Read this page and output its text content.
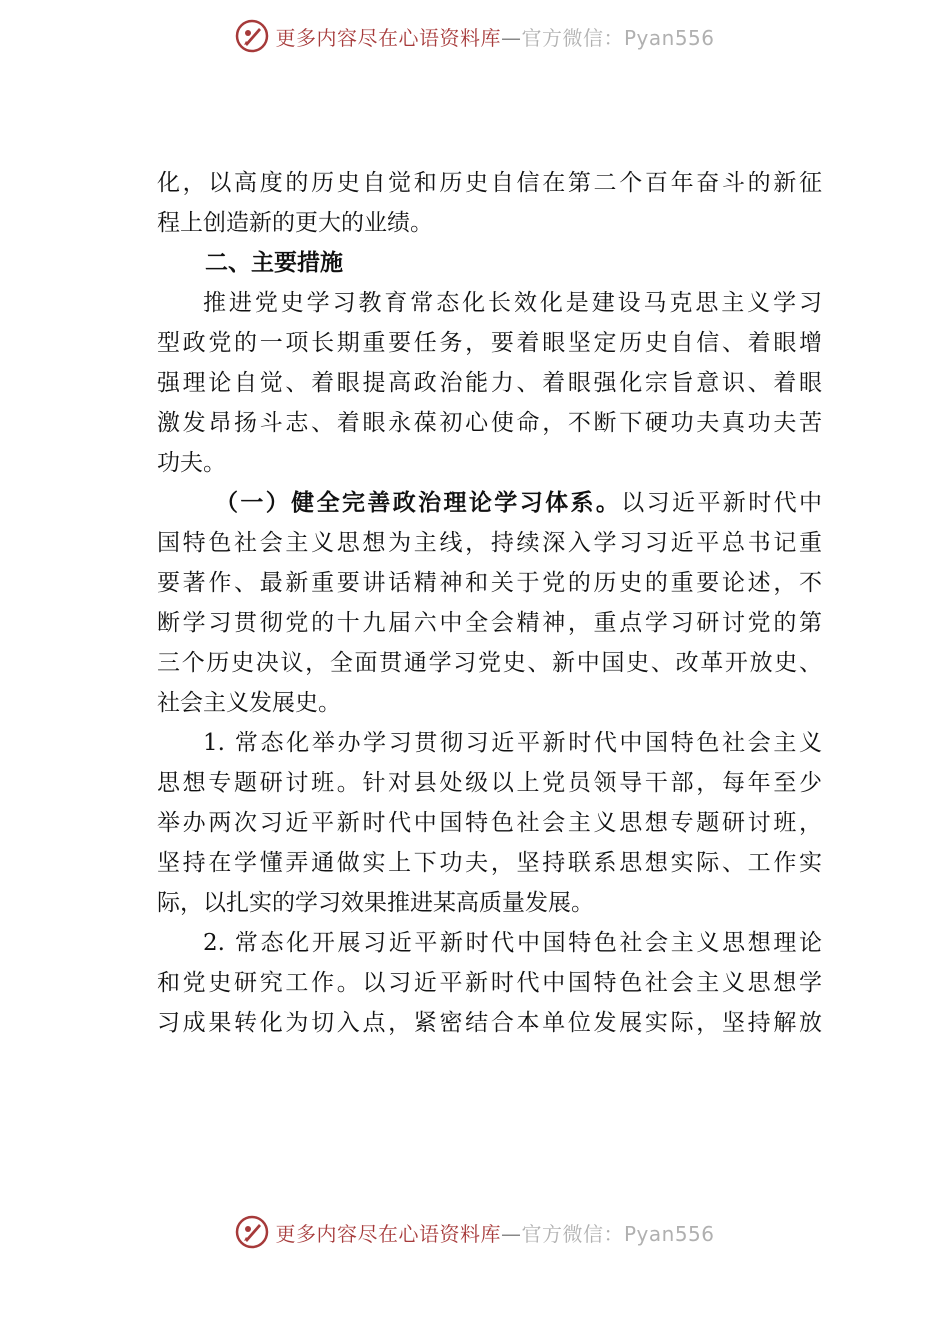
更多内容尽在心语资料库—官方微信：Pyan556
化，以高度的历史自觉和历史自信在第二个百年奋斗的新征
程上创造新的更大的业绩。
二、主要措施
推进党史学习教育常态化长效化是建设马克思主义学习
型政党的一项长期重要任务，要着眼坚定历史自信、着眼增
强理论自觉、着眼提高政治能力、着眼强化宗旨意识、着眼
激发昂扬斗志、着眼永葆初心使命，不断下硬功夫真功夫苦
功夫。
（一）健全完善政治理论学习体系。以习近平新时代中
国特色社会主义思想为主线，持续深入学习习近平总书记重
要著作、最新重要讲话精神和关于党的历史的重要论述，不
断学习贯彻党的十九届六中全会精神，重点学习研讨党的第
三个历史决议，全面贯通学习党史、新中国史、改革开放史、
社会主义发展史。
1. 常态化举办学习贯彻习近平新时代中国特色社会主义
思想专题研讨班。针对县处级以上党员领导干部，每年至少
举办两次习近平新时代中国特色社会主义思想专题研讨班，
坚持在学懂弄通做实上下功夫，坚持联系思想实际、工作实
际，以扎实的学习效果推进某高质量发展。
2. 常态化开展习近平新时代中国特色社会主义思想理论
和党史研究工作。以习近平新时代中国特色社会主义思想学
习成果转化为切入点，紧密结合本单位发展实际，坚持解放
更多内容尽在心语资料库—官方微信：Pyan556
